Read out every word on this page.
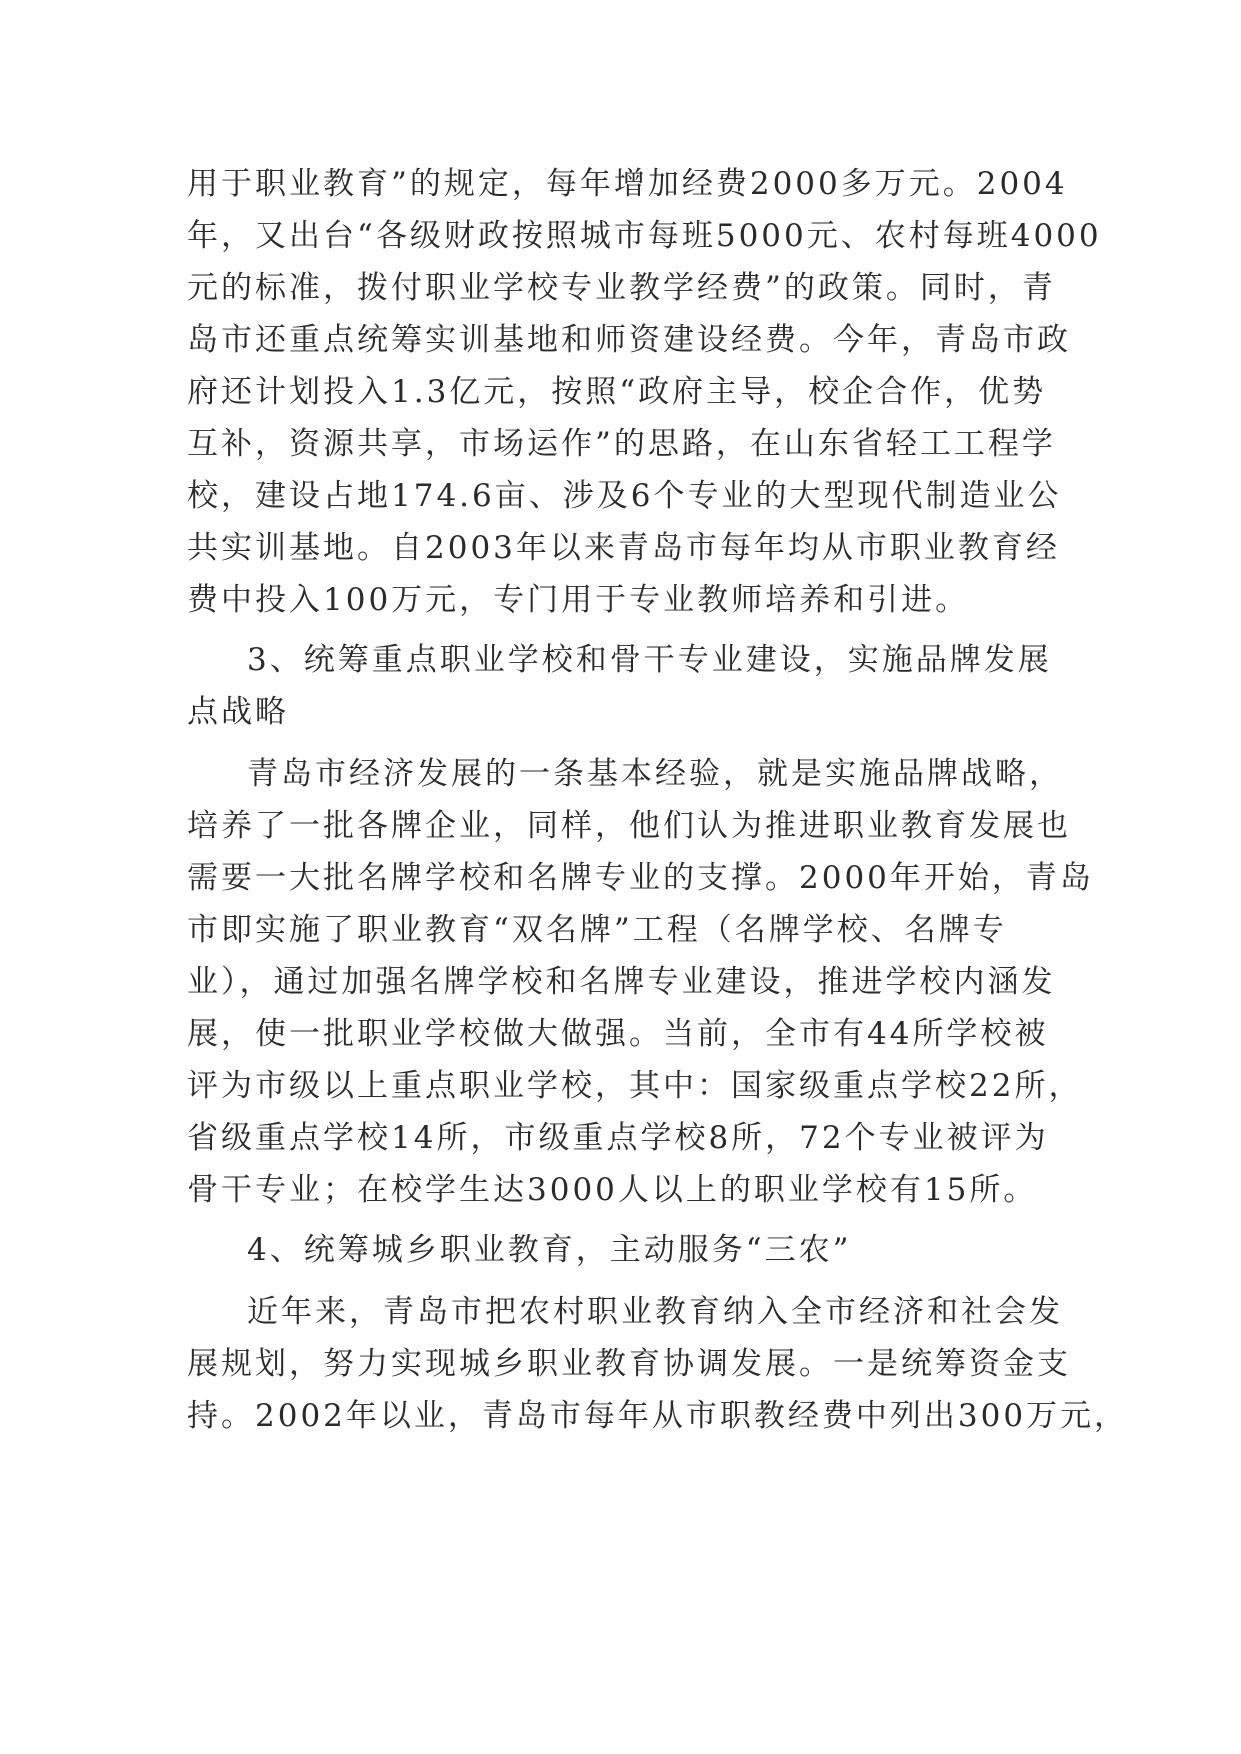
用于职业教育”的规定，每年增加经费2000多万元。2004
年，又出台“各级财政按照城市每班5000元、农村每班4000
元的标准，拨付职业学校专业教学经费”的政策。同时，青
岛市还重点统筹实训基地和师资建设经费。今年，青岛市政
府还计划投入1.3亿元，按照“政府主导，校企合作，优势
互补，资源共享，市场运作”的思路，在山东省轻工工程学
校，建设占地174.6亩、涉及6个专业的大型现代制造业公
共实训基地。自2003年以来青岛市每年均从市职业教育经
费中投入100万元，专门用于专业教师培养和引进。
3、统筹重点职业学校和骨干专业建设，实施品牌发展
点战略
青岛市经济发展的一条基本经验，就是实施品牌战略，
培养了一批各牌企业，同样，他们认为推进职业教育发展也
需要一大批名牌学校和名牌专业的支撑。2000年开始，青岛
市即实施了职业教育“双名牌”工程（名牌学校、名牌专
业），通过加强名牌学校和名牌专业建设，推进学校内涵发
展，使一批职业学校做大做强。当前，全市有44所学校被
评为市级以上重点职业学校，其中：国家级重点学校22所，
省级重点学校14所，市级重点学校8所，72个专业被评为
骨干专业；在校学生达3000人以上的职业学校有15所。
4、统筹城乡职业教育，主动服务“三农”
近年来，青岛市把农村职业教育纳入全市经济和社会发
展规划，努力实现城乡职业教育协调发展。一是统筹资金支
持。2002年以业，青岛市每年从市职教经费中列出300万元，
